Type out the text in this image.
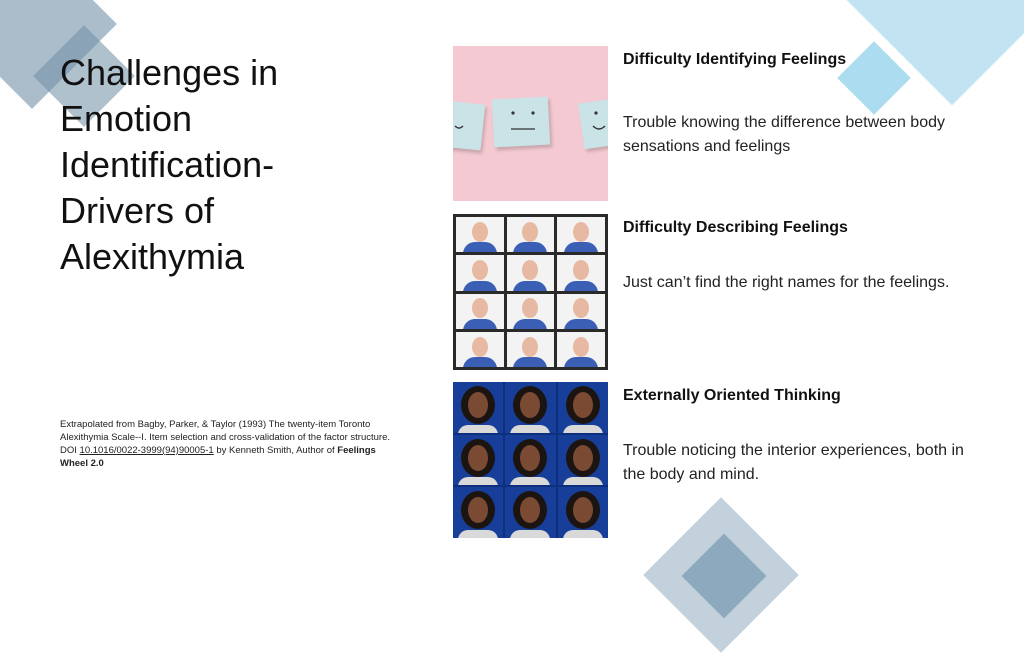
Challenges in
Emotion
Identification-
Drivers of
Alexithymia
Extrapolated from Bagby, Parker, & Taylor (1993) The twenty-item Toronto Alexithymia Scale--I. Item selection and cross-validation of the factor structure. DOI 10.1016/0022-3999(94)90005-1 by Kenneth Smith, Author of Feelings Wheel 2.0
Difficulty Identifying Feelings

Trouble knowing the difference between body sensations and feelings

Difficulty Describing Feelings

Just can’t find the right names for the feelings.

Externally Oriented Thinking

Trouble noticing the interior experiences, both in the body and mind.
